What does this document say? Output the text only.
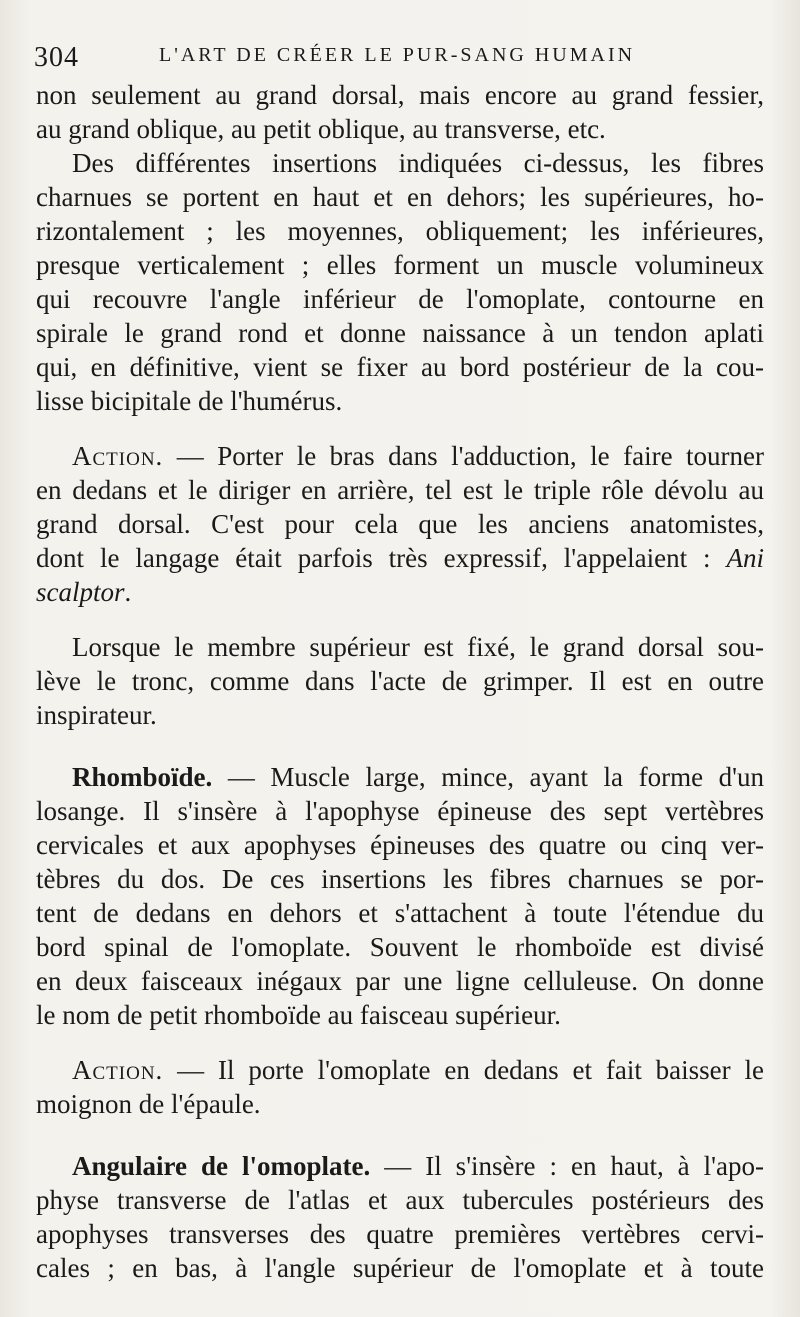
304	L'ART DE CRÉER LE PUR-SANG HUMAIN
non seulement au grand dorsal, mais encore au grand fessier,
au grand oblique, au petit oblique, au transverse, etc.
Des différentes insertions indiquées ci-dessus, les fibres
charnues se portent en haut et en dehors; les supérieures, ho-
rizontalement ; les moyennes, obliquement; les inférieures,
presque verticalement ; elles forment un muscle volumineux
qui recouvre l'angle inférieur de l'omoplate, contourne en
spirale le grand rond et donne naissance à un tendon aplati
qui, en définitive, vient se fixer au bord postérieur de la cou-
lisse bicipitale de l'humérus.
Action. — Porter le bras dans l'adduction, le faire tourner
en dedans et le diriger en arrière, tel est le triple rôle dévolu au
grand dorsal. C'est pour cela que les anciens anatomistes,
dont le langage était parfois très expressif, l'appelaient : Ani
scalptor.
Lorsque le membre supérieur est fixé, le grand dorsal sou-
lève le tronc, comme dans l'acte de grimper. Il est en outre
inspirateur.
Rhomboïde. — Muscle large, mince, ayant la forme d'un
losange. Il s'insère à l'apophyse épineuse des sept vertèbres
cervicales et aux apophyses épineuses des quatre ou cinq ver-
tèbres du dos. De ces insertions les fibres charnues se por-
tent de dedans en dehors et s'attachent à toute l'étendue du
bord spinal de l'omoplate. Souvent le rhomboïde est divisé
en deux faisceaux inégaux par une ligne celluleuse. On donne
le nom de petit rhomboïde au faisceau supérieur.
Action. — Il porte l'omoplate en dedans et fait baisser le
moignon de l'épaule.
Angulaire de l'omoplate. — Il s'insère : en haut, à l'apo-
physe transverse de l'atlas et aux tubercules postérieurs des
apophyses transverses des quatre premières vertèbres cervi-
cales ; en bas, à l'angle supérieur de l'omoplate et à toute
